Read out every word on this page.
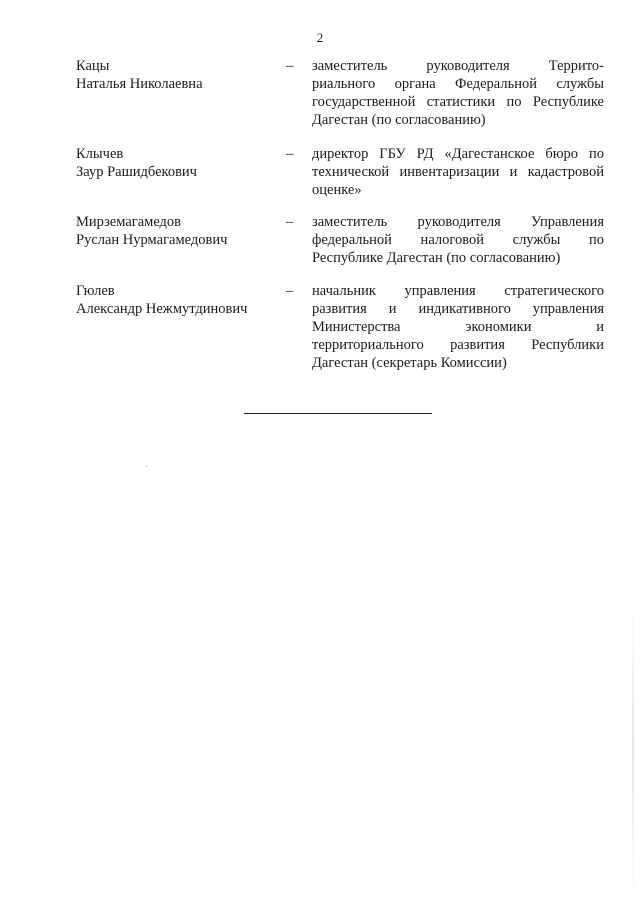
2
Кацы
Наталья Николаевна
– заместитель руководителя Террито-
риального органа Федеральной службы
государственной статистики по Республике
Дагестан (по согласованию)
Клычев
Заур Рашидбекович
– директор ГБУ РД «Дагестанское бюро по
технической инвентаризации и кадастровой
оценке»
Мирземагамедов
Руслан Нурмагамедович
– заместитель руководителя Управления
федеральной налоговой службы по
Республике Дагестан (по согласованию)
Гюлев
Александр Нежмутдинович
– начальник управления стратегического
развития и индикативного управления
Министерства экономики и
территориального развития Республики
Дагестан (секретарь Комиссии)
